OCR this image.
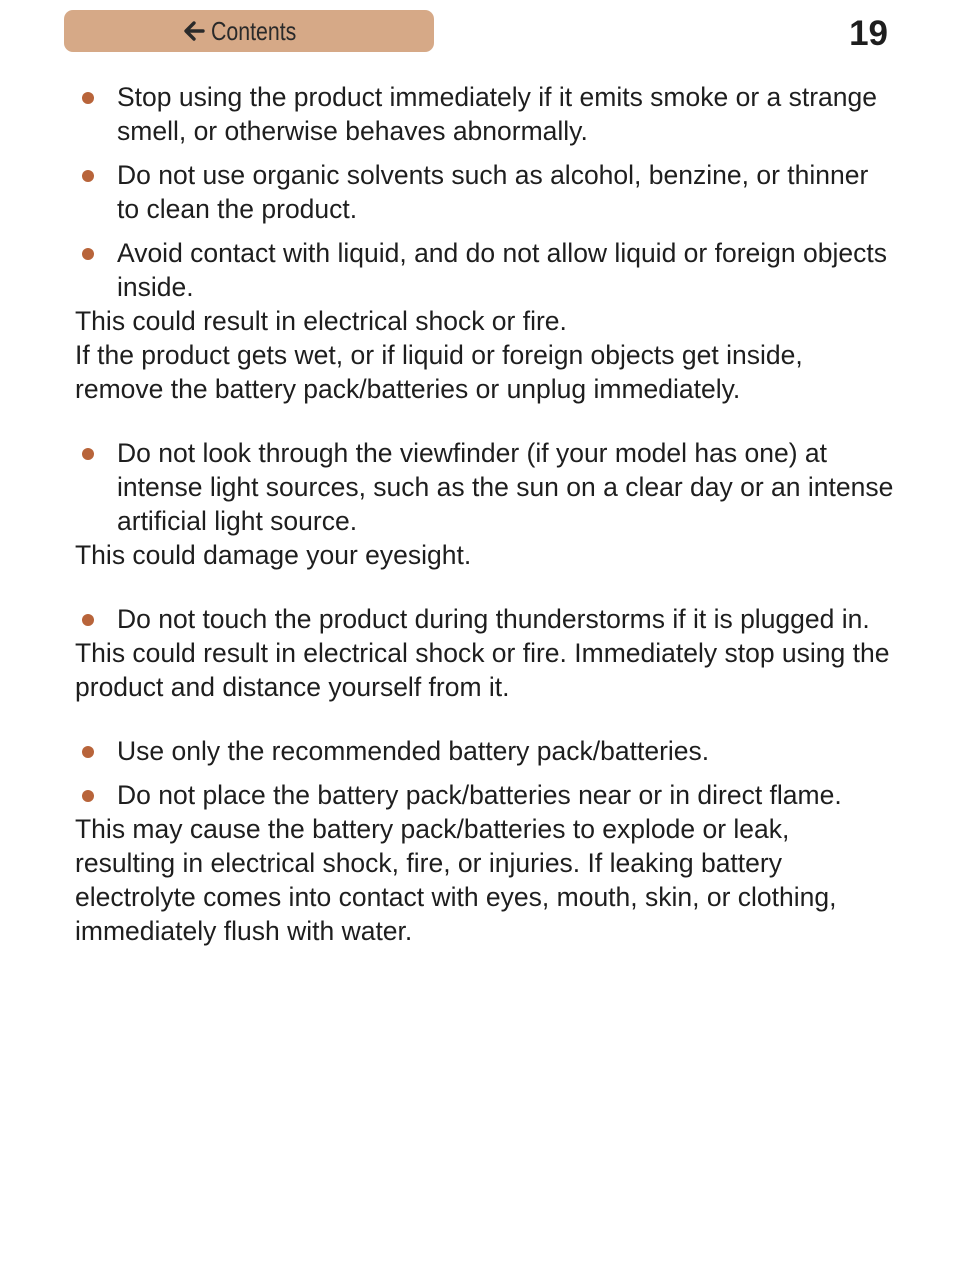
Contents	19
Stop using the product immediately if it emits smoke or a strange smell, or otherwise behaves abnormally.
Do not use organic solvents such as alcohol, benzine, or thinner to clean the product.
Avoid contact with liquid, and do not allow liquid or foreign objects inside.

This could result in electrical shock or fire.

If the product gets wet, or if liquid or foreign objects get inside, remove the battery pack/batteries or unplug immediately.

Do not look through the viewfinder (if your model has one) at intense light sources, such as the sun on a clear day or an intense artificial light source.

This could damage your eyesight.

Do not touch the product during thunderstorms if it is plugged in.

This could result in electrical shock or fire. Immediately stop using the product and distance yourself from it.

Use only the recommended battery pack/batteries.
Do not place the battery pack/batteries near or in direct flame.

This may cause the battery pack/batteries to explode or leak, resulting in electrical shock, fire, or injuries. If leaking battery electrolyte comes into contact with eyes, mouth, skin, or clothing, immediately flush with water.
